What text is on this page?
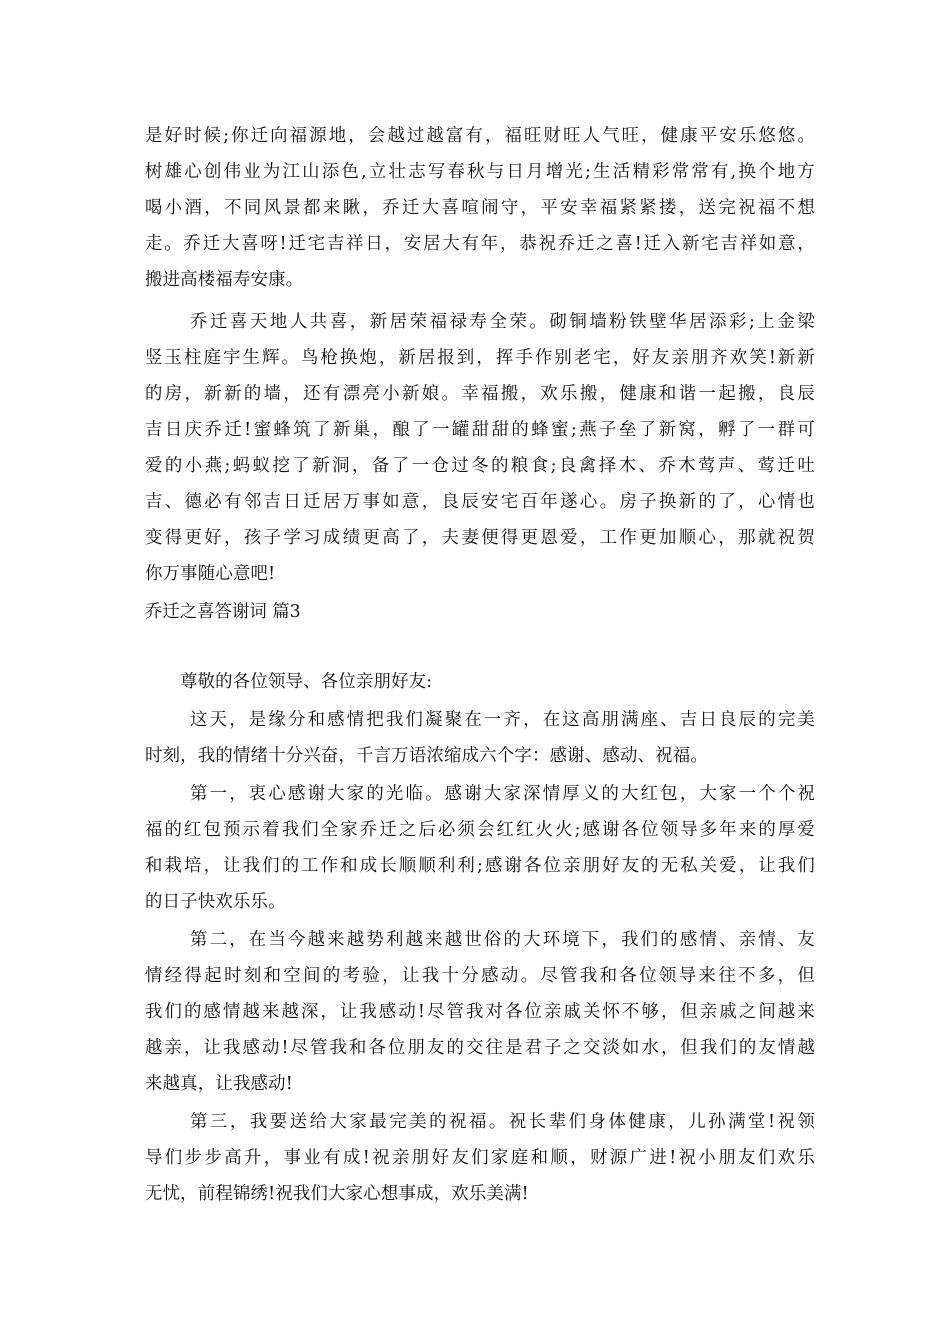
是好时候;你迁向福源地，会越过越富有，福旺财旺人气旺，健康平安乐悠悠。
树雄心创伟业为江山添色,立壮志写春秋与日月增光;生活精彩常常有,换个地方
喝小酒，不同风景都来瞅，乔迁大喜喧闹守，平安幸福紧紧搂，送完祝福不想
走。乔迁大喜呀!迁宅吉祥日，安居大有年，恭祝乔迁之喜!迁入新宅吉祥如意，
搬进高楼福寿安康。
乔迁喜天地人共喜，新居荣福禄寿全荣。砌铜墙粉铁壁华居添彩;上金梁
竖玉柱庭宇生辉。鸟枪换炮，新居报到，挥手作别老宅，好友亲朋齐欢笑!新新
的房，新新的墙，还有漂亮小新娘。幸福搬，欢乐搬，健康和谐一起搬，良辰
吉日庆乔迁!蜜蜂筑了新巢，酿了一罐甜甜的蜂蜜;燕子垒了新窝，孵了一群可
爱的小燕;蚂蚁挖了新洞，备了一仓过冬的粮食;良禽择木、乔木莺声、莺迁吐
吉、德必有邻吉日迁居万事如意，良辰安宅百年遂心。房子换新的了，心情也
变得更好，孩子学习成绩更高了，夫妻便得更恩爱，工作更加顺心，那就祝贺
你万事随心意吧!
乔迁之喜答谢词 篇3
尊敬的各位领导、各位亲朋好友:
这天，是缘分和感情把我们凝聚在一齐，在这高朋满座、吉日良辰的完美
时刻，我的情绪十分兴奋，千言万语浓缩成六个字：感谢、感动、祝福。
第一，衷心感谢大家的光临。感谢大家深情厚义的大红包，大家一个个祝
福的红包预示着我们全家乔迁之后必须会红红火火;感谢各位领导多年来的厚爱
和栽培，让我们的工作和成长顺顺利利;感谢各位亲朋好友的无私关爱，让我们
的日子快欢乐乐。
第二，在当今越来越势利越来越世俗的大环境下，我们的感情、亲情、友
情经得起时刻和空间的考验，让我十分感动。尽管我和各位领导来往不多，但
我们的感情越来越深，让我感动!尽管我对各位亲戚关怀不够，但亲戚之间越来
越亲，让我感动!尽管我和各位朋友的交往是君子之交淡如水，但我们的友情越
来越真，让我感动!
第三，我要送给大家最完美的祝福。祝长辈们身体健康，儿孙满堂!祝领
导们步步高升，事业有成!祝亲朋好友们家庭和顺，财源广进!祝小朋友们欢乐
无忧，前程锦绣!祝我们大家心想事成，欢乐美满!
